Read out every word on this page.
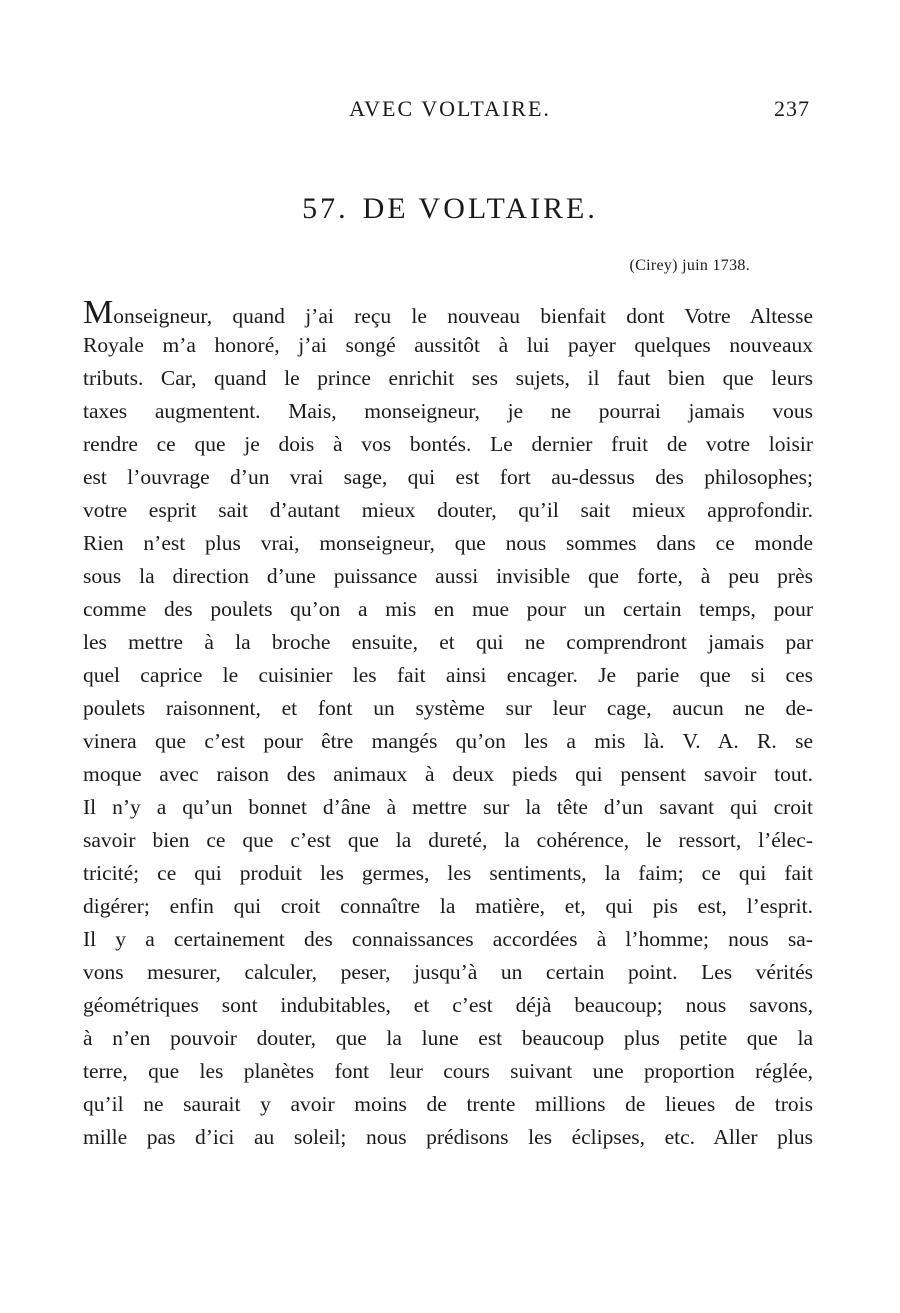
AVEC VOLTAIRE.	237
57. DE VOLTAIRE.
(Cirey) juin 1738.
Monseigneur, quand j’ai reçu le nouveau bienfait dont Votre Altesse
Royale m’a honoré, j’ai songé aussitôt à lui payer quelques nouveaux
tributs. Car, quand le prince enrichit ses sujets, il faut bien que leurs
taxes augmentent. Mais, monseigneur, je ne pourrai jamais vous
rendre ce que je dois à vos bontés. Le dernier fruit de votre loisir
est l’ouvrage d’un vrai sage, qui est fort au-dessus des philosophes;
votre esprit sait d’autant mieux douter, qu’il sait mieux approfondir.
Rien n’est plus vrai, monseigneur, que nous sommes dans ce monde
sous la direction d’une puissance aussi invisible que forte, à peu près
comme des poulets qu’on a mis en mue pour un certain temps, pour
les mettre à la broche ensuite, et qui ne comprendront jamais par
quel caprice le cuisinier les fait ainsi encager. Je parie que si ces
poulets raisonnent, et font un système sur leur cage, aucun ne de-
vinera que c’est pour être mangés qu’on les a mis là. V. A. R. se
moque avec raison des animaux à deux pieds qui pensent savoir tout.
Il n’y a qu’un bonnet d’âne à mettre sur la tête d’un savant qui croit
savoir bien ce que c’est que la dureté, la cohérence, le ressort, l’élec-
tricité; ce qui produit les germes, les sentiments, la faim; ce qui fait
digérer; enfin qui croit connaître la matière, et, qui pis est, l’esprit.
Il y a certainement des connaissances accordées à l’homme; nous sa-
vons mesurer, calculer, peser, jusqu’à un certain point. Les vérités
géométriques sont indubitables, et c’est déjà beaucoup; nous savons,
à n’en pouvoir douter, que la lune est beaucoup plus petite que la
terre, que les planètes font leur cours suivant une proportion réglée,
qu’il ne saurait y avoir moins de trente millions de lieues de trois
mille pas d’ici au soleil; nous prédisons les éclipses, etc. Aller plus
